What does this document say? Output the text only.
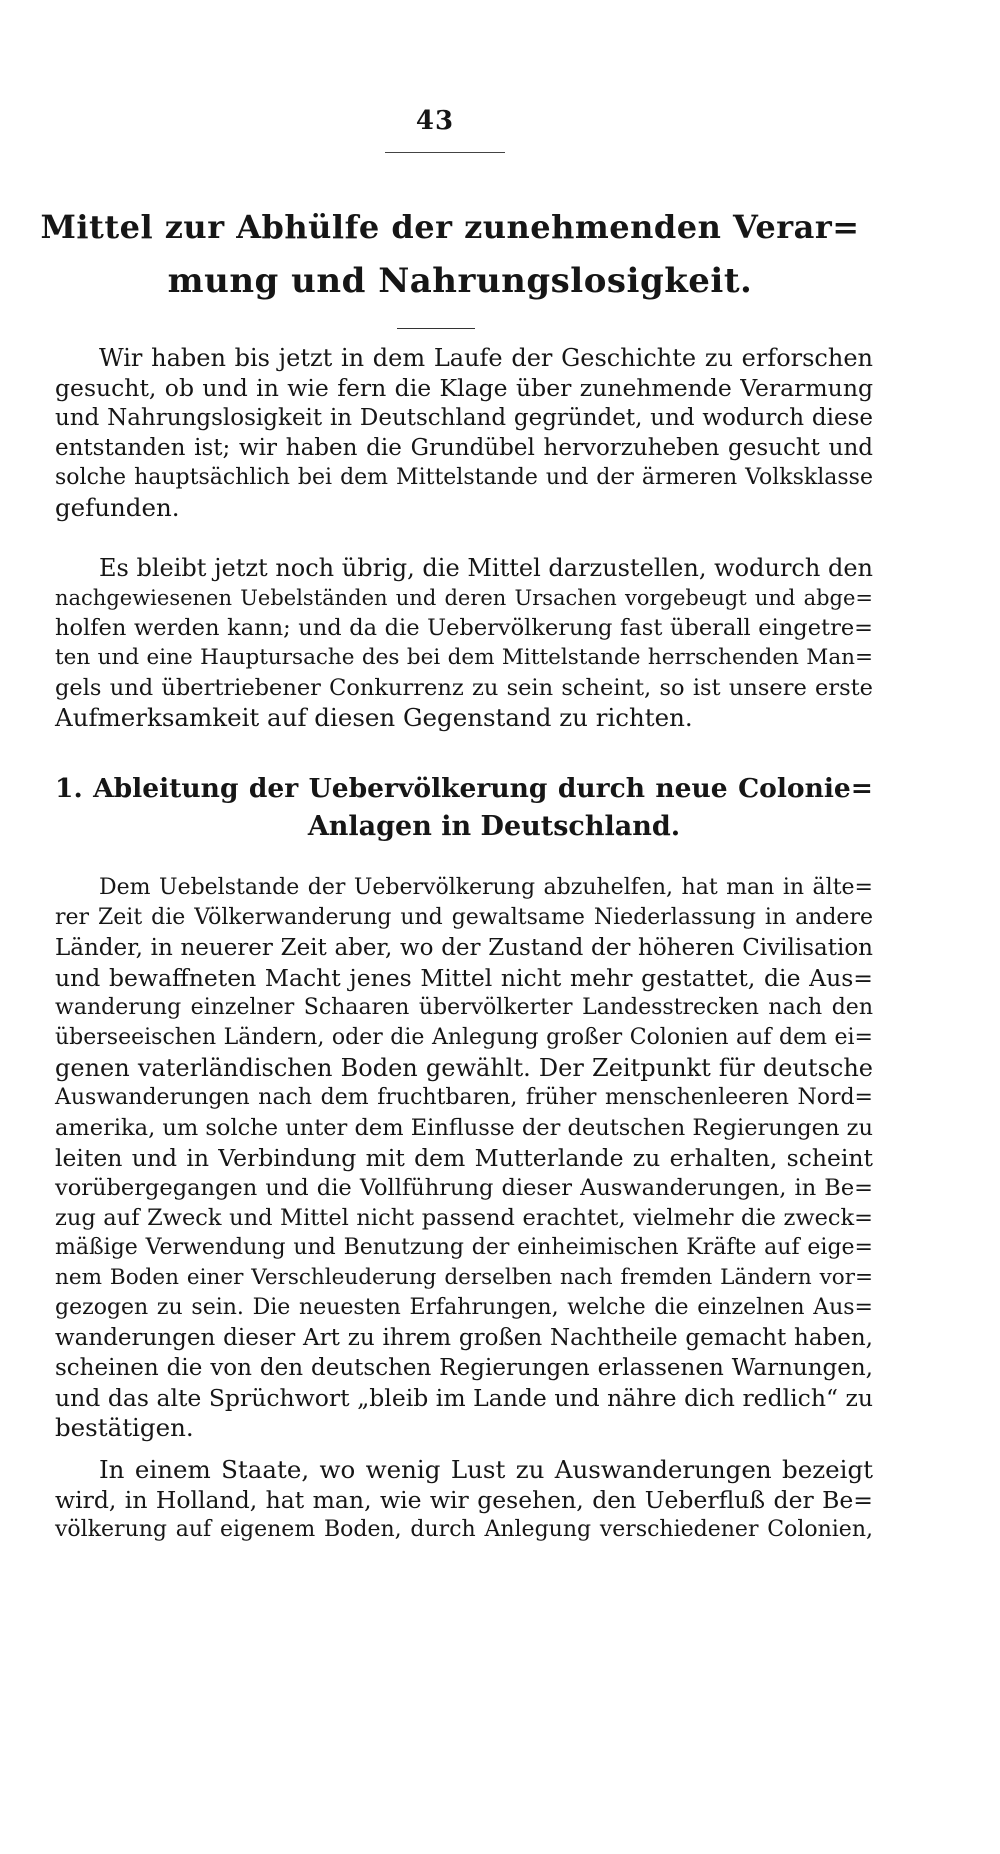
43
Mittel zur Abhülfe der zunehmenden Verar=
mung und Nahrungslosigkeit.
Wir haben bis jetzt in dem Laufe der Geschichte zu erforschen
gesucht, ob und in wie fern die Klage über zunehmende Verarmung
und Nahrungslosigkeit in Deutschland gegründet, und wodurch diese
entstanden ist; wir haben die Grundübel hervorzuheben gesucht und
solche hauptsächlich bei dem Mittelstande und der ärmeren Volksklasse
gefunden.
Es bleibt jetzt noch übrig, die Mittel darzustellen, wodurch den
nachgewiesenen Uebelständen und deren Ursachen vorgebeugt und abge=
holfen werden kann; und da die Uebervölkerung fast überall eingetre=
ten und eine Hauptursache des bei dem Mittelstande herrschenden Man=
gels und übertriebener Conkurrenz zu sein scheint, so ist unsere erste
Aufmerksamkeit auf diesen Gegenstand zu richten.
1. Ableitung der Uebervölkerung durch neue Colonie=
Anlagen in Deutschland.
Dem Uebelstande der Uebervölkerung abzuhelfen, hat man in älte=
rer Zeit die Völkerwanderung und gewaltsame Niederlassung in andere
Länder, in neuerer Zeit aber, wo der Zustand der höheren Civilisation
und bewaffneten Macht jenes Mittel nicht mehr gestattet, die Aus=
wanderung einzelner Schaaren übervölkerter Landesstrecken nach den
überseeischen Ländern, oder die Anlegung großer Colonien auf dem ei=
genen vaterländischen Boden gewählt. Der Zeitpunkt für deutsche
Auswanderungen nach dem fruchtbaren, früher menschenleeren Nord=
amerika, um solche unter dem Einflusse der deutschen Regierungen zu
leiten und in Verbindung mit dem Mutterlande zu erhalten, scheint
vorübergegangen und die Vollführung dieser Auswanderungen, in Be=
zug auf Zweck und Mittel nicht passend erachtet, vielmehr die zweck=
mäßige Verwendung und Benutzung der einheimischen Kräfte auf eige=
nem Boden einer Verschleuderung derselben nach fremden Ländern vor=
gezogen zu sein. Die neuesten Erfahrungen, welche die einzelnen Aus=
wanderungen dieser Art zu ihrem großen Nachtheile gemacht haben,
scheinen die von den deutschen Regierungen erlassenen Warnungen,
und das alte Sprüchwort „bleib im Lande und nähre dich redlich“ zu
bestätigen.
In einem Staate, wo wenig Lust zu Auswanderungen bezeigt
wird, in Holland, hat man, wie wir gesehen, den Ueberfluß der Be=
völkerung auf eigenem Boden, durch Anlegung verschiedener Colonien,
